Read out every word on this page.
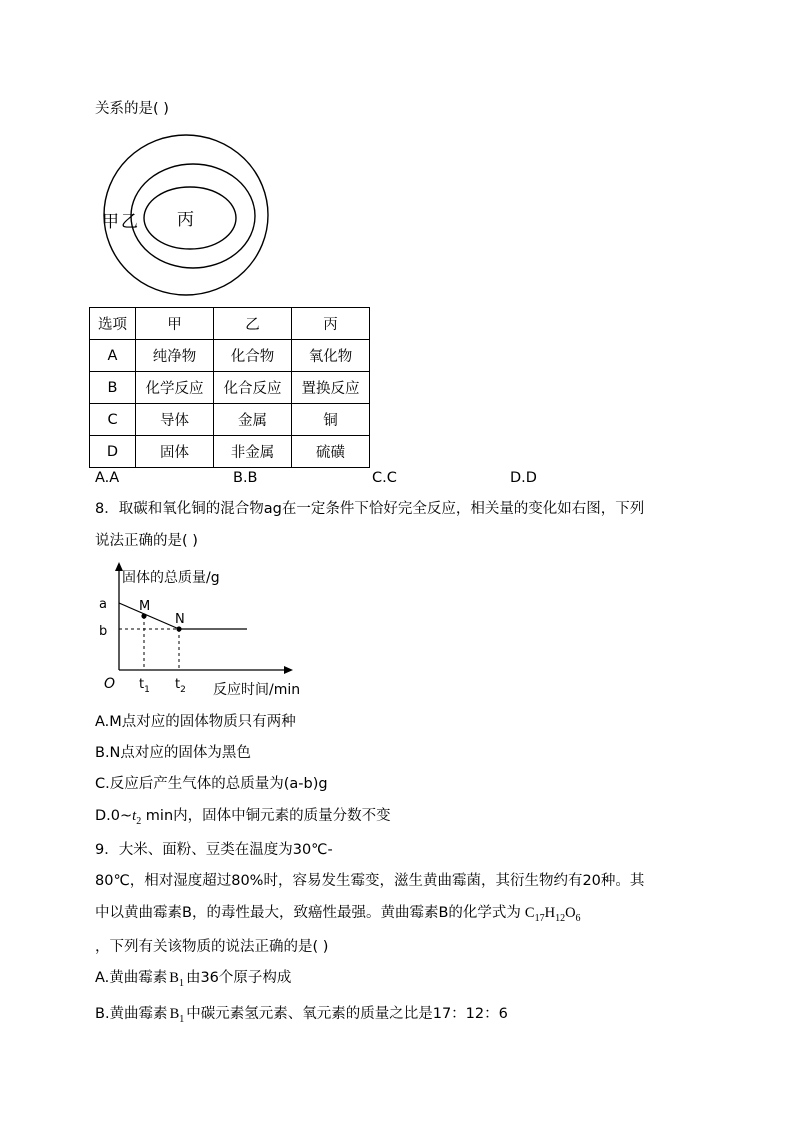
关系的是( )
甲 乙 丙
选项	甲	乙	丙
A	纯净物	化合物	氧化物
B	化学反应	化合反应	置换反应
C	导体	金属	铜
D	固体	非金属	硫磺
A.A	B.B	C.C	D.D
8．取碳和氧化铜的混合物ag在一定条件下恰好完全反应，相关量的变化如右图，下列
说法正确的是( )
固体的总质量/g
反应时间/min
O
a
b
$t_1$ $t_2$
M
N
A.M点对应的固体物质只有两种
B.N点对应的固体为黑色
C.反应后产生气体的总质量为(a-b)g
$D.0\sim t_2$ min内，固体中铜元素的质量分数不变
9．大米、面粉、豆类在温度为30℃-
80℃，相对湿度超过80%时，容易发生霉变，滋生黄曲霉菌，其衍生物约有20种。其
中以黄曲霉素B，的毒性最大，致癌性最强。黄曲霉素B的化学式为 $C_{17}H_{12}O_6$
，下列有关该物质的说法正确的是( )
A.黄曲霉素 $B_1$ 由36个原子构成
B.黄曲霉素 $B_1$ 中碳元素氢元素、氧元素的质量之比是17：12：6
